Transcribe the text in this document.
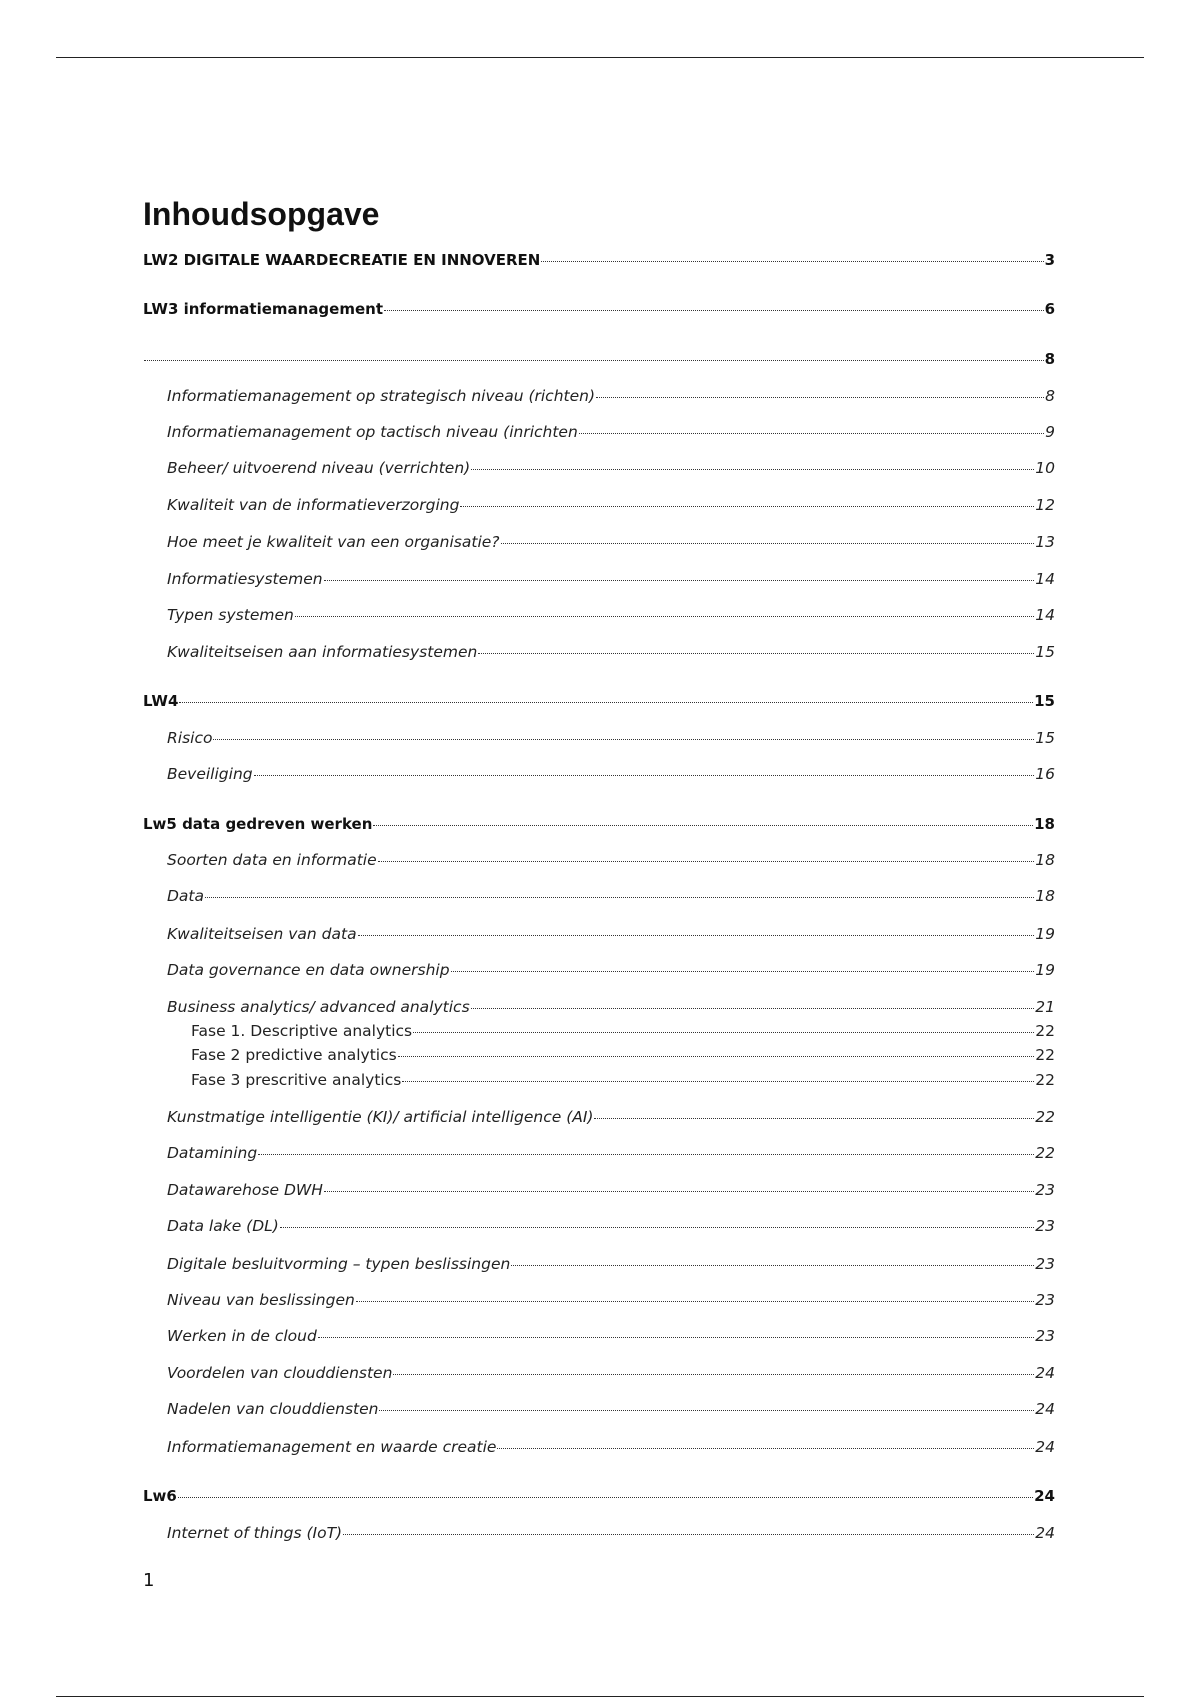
Inhoudsopgave
LW2 DIGITALE WAARDECREATIE EN INNOVEREN	3
LW3 informatiemanagement	6
8
Informatiemanagement op strategisch niveau (richten)	8
Informatiemanagement op tactisch niveau (inrichten	9
Beheer/ uitvoerend niveau (verrichten)	10
Kwaliteit van de informatieverzorging	12
Hoe meet je kwaliteit van een organisatie?	13
Informatiesystemen	14
Typen systemen	14
Kwaliteitseisen aan informatiesystemen	15
LW4	15
Risico	15
Beveiliging	16
Lw5 data gedreven werken	18
Soorten data en informatie	18
Data	18
Kwaliteitseisen van data	19
Data governance en data ownership	19
Business analytics/ advanced analytics	21
Fase 1. Descriptive analytics	22
Fase 2 predictive analytics	22
Fase 3 prescritive analytics	22
Kunstmatige intelligentie (KI)/ artificial intelligence (AI)	22
Datamining	22
Datawarehose DWH	23
Data lake (DL)	23
Digitale besluitvorming – typen beslissingen	23
Niveau van beslissingen	23
Werken in de cloud	23
Voordelen van clouddiensten	24
Nadelen van clouddiensten	24
Informatiemanagement en waarde creatie	24
Lw6	24
Internet of things (IoT)	24
1
